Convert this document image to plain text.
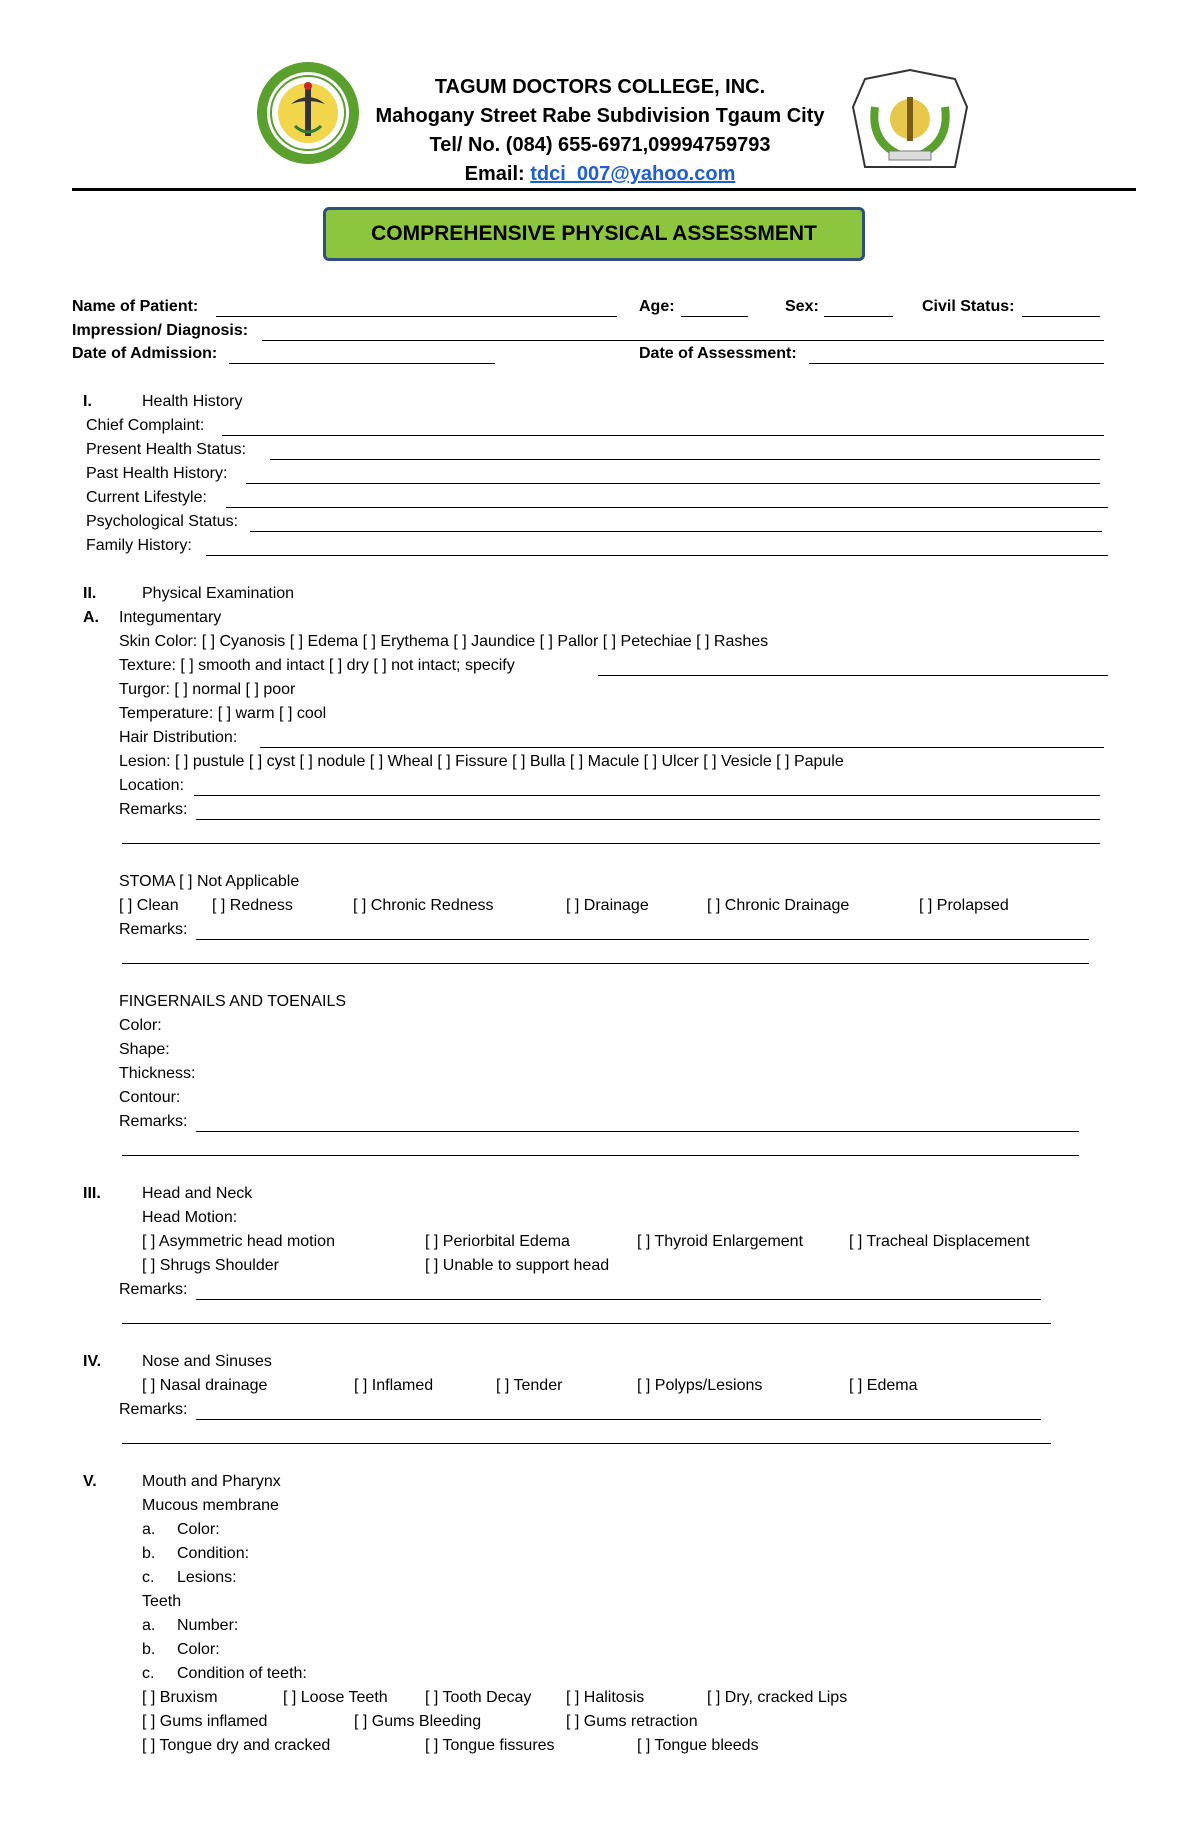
TAGUM DOCTORS COLLEGE, INC.
Mahogany Street Rabe Subdivision Tgaum City
Tel/ No. (084) 655-6971,09994759793
Email: tdci_007@yahoo.com
COMPREHENSIVE PHYSICAL ASSESSMENT
Name of Patient:	Age:	Sex:	Civil Status:
Impression/ Diagnosis:
Date of Admission:	Date of Assessment:
I.	Health History
Chief Complaint:
Present Health Status:
Past Health History:
Current Lifestyle:
Psychological Status:
Family History:
II.	Physical Examination
A. Integumentary
Skin Color: [ ] Cyanosis [ ] Edema [ ] Erythema [ ] Jaundice [ ] Pallor [ ] Petechiae [ ] Rashes
Texture: [ ] smooth and intact [ ] dry [ ] not intact; specify
Turgor: [ ] normal [ ] poor
Temperature: [ ] warm [ ] cool
Hair Distribution:
Lesion: [ ] pustule [ ] cyst [ ] nodule [ ] Wheal [ ] Fissure [ ] Bulla [ ] Macule [ ] Ulcer [ ] Vesicle [ ] Papule
Location:
Remarks:
STOMA [ ] Not Applicable
[ ] Clean [ ] Redness	[ ] Chronic Redness	[ ] Drainage	[ ] Chronic Drainage	[ ] Prolapsed
Remarks:
FINGERNAILS AND TOENAILS
Color:
Shape:
Thickness:
Contour:
Remarks:
III.	Head and Neck
Head Motion:
[ ] Asymmetric head motion	[ ] Periorbital Edema	[ ] Thyroid Enlargement	[ ] Tracheal Displacement
[ ] Shrugs Shoulder	[ ] Unable to support head
Remarks:
IV.	Nose and Sinuses
[ ] Nasal drainage	[ ] Inflamed	[ ] Tender	[ ] Polyps/Lesions	[ ] Edema
Remarks:
V.	Mouth and Pharynx
Mucous membrane
a. Color:
b. Condition:
c. Lesions:
Teeth
a. Number:
b. Color:
c. Condition of teeth:
[ ] Bruxism	[ ] Loose Teeth [ ] Tooth Decay [ ] Halitosis	[ ] Dry, cracked Lips
[ ] Gums inflamed	[ ] Gums Bleeding	[ ] Gums retraction
[ ] Tongue dry and cracked	[ ] Tongue fissures	[ ] Tongue bleeds
